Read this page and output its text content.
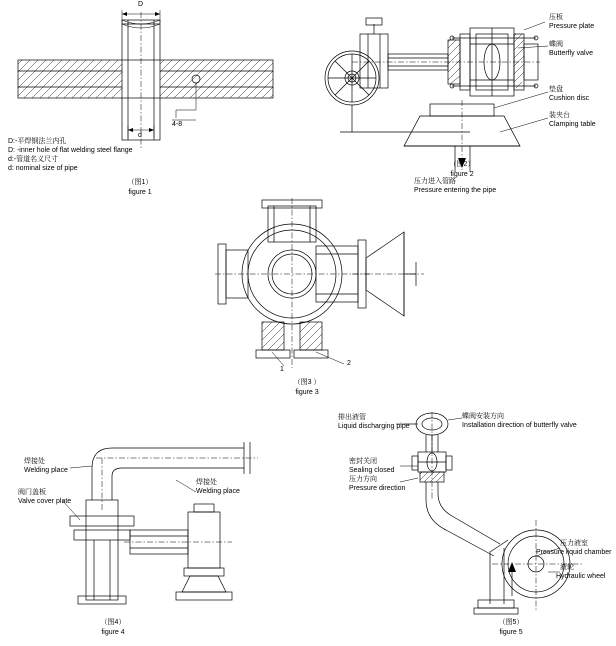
D
d
4-8
D:-平焊钢法兰内孔
D: -inner hole of flat welding steel flange
d:-管道名义尺寸
d: nominal size of pipe
（图1）
figure 1
压板
Pressure plate
蝶阀
Butterfly valve
垫盘
Cushion disc
装夹台
Clamping table
压力进入管路
Pressure entering the pipe
（图2）
figure 2
1
2
（图3 ）
figure 3
焊接处
Welding place
阀门盖板
Valve cover plate
焊接处
Welding place
（图4）
figure 4
排出液管
Liquid discharging pipe
蝶阀安装方向
Installation direction of butterfly valve
密封关闭
Sealing closed
压力方向
Pressure direction
压力液室
Pressure liquid chamber
液轮
Hydraulic wheel
（图5）
figure 5
